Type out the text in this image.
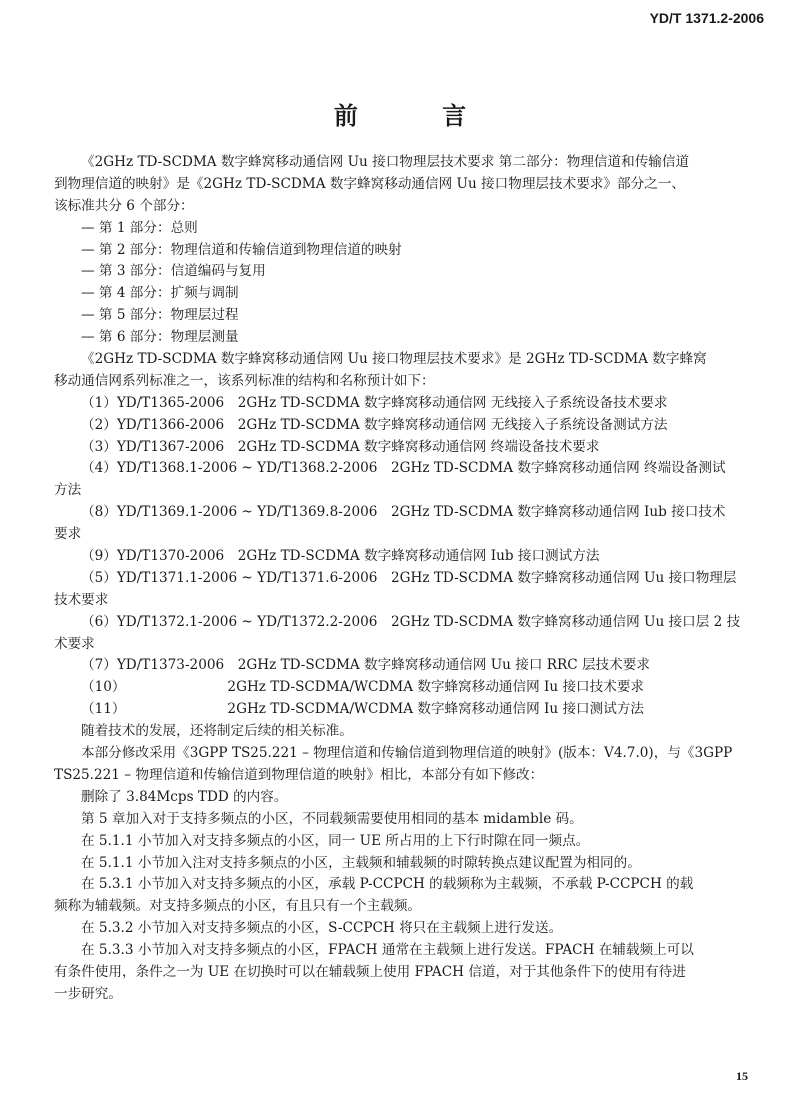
YD/T 1371.2-2006
前 言
《2GHz TD-SCDMA 数字蜂窝移动通信网 Uu 接口物理层技术要求 第二部分：物理信道和传输信道
到物理信道的映射》是《2GHz TD-SCDMA 数字蜂窝移动通信网 Uu 接口物理层技术要求》部分之一、
该标准共分 6 个部分：
— 第 1 部分：总则
— 第 2 部分：物理信道和传输信道到物理信道的映射
— 第 3 部分：信道编码与复用
— 第 4 部分：扩频与调制
— 第 5 部分：物理层过程
— 第 6 部分：物理层测量
《2GHz TD-SCDMA 数字蜂窝移动通信网 Uu 接口物理层技术要求》是 2GHz TD-SCDMA 数字蜂窝
移动通信网系列标准之一，该系列标准的结构和名称预计如下：
（1）YD/T1365-2006　2GHz TD-SCDMA 数字蜂窝移动通信网 无线接入子系统设备技术要求
（2）YD/T1366-2006　2GHz TD-SCDMA 数字蜂窝移动通信网 无线接入子系统设备测试方法
（3）YD/T1367-2006　2GHz TD-SCDMA 数字蜂窝移动通信网 终端设备技术要求
（4）YD/T1368.1-2006 ~ YD/T1368.2-2006　2GHz TD-SCDMA 数字蜂窝移动通信网 终端设备测试
方法
（8）YD/T1369.1-2006 ~ YD/T1369.8-2006　2GHz TD-SCDMA 数字蜂窝移动通信网 Iub 接口技术
要求
（9）YD/T1370-2006　2GHz TD-SCDMA 数字蜂窝移动通信网 Iub 接口测试方法
（5）YD/T1371.1-2006 ~ YD/T1371.6-2006　2GHz TD-SCDMA 数字蜂窝移动通信网 Uu 接口物理层
技术要求
（6）YD/T1372.1-2006 ~ YD/T1372.2-2006　2GHz TD-SCDMA 数字蜂窝移动通信网 Uu 接口层 2 技
术要求
（7）YD/T1373-2006　2GHz TD-SCDMA 数字蜂窝移动通信网 Uu 接口 RRC 层技术要求
（10）　　　　　　　　2GHz TD-SCDMA/WCDMA 数字蜂窝移动通信网 Iu 接口技术要求
（11）　　　　　　　　2GHz TD-SCDMA/WCDMA 数字蜂窝移动通信网 Iu 接口测试方法
随着技术的发展，还将制定后续的相关标准。
本部分修改采用《3GPP TS25.221 – 物理信道和传输信道到物理信道的映射》(版本：V4.7.0)，与《3GPP
TS25.221 – 物理信道和传输信道到物理信道的映射》相比，本部分有如下修改：
删除了 3.84Mcps TDD 的内容。
第 5 章加入对于支持多频点的小区，不同载频需要使用相同的基本 midamble 码。
在 5.1.1 小节加入对支持多频点的小区，同一 UE 所占用的上下行时隙在同一频点。
在 5.1.1 小节加入注对支持多频点的小区，主载频和辅载频的时隙转换点建议配置为相同的。
在 5.3.1 小节加入对支持多频点的小区，承载 P-CCPCH 的载频称为主载频，不承载 P-CCPCH 的载
频称为辅载频。对支持多频点的小区，有且只有一个主载频。
在 5.3.2 小节加入对支持多频点的小区，S-CCPCH 将只在主载频上进行发送。
在 5.3.3 小节加入对支持多频点的小区，FPACH 通常在主载频上进行发送。FPACH 在辅载频上可以
有条件使用，条件之一为 UE 在切换时可以在辅载频上使用 FPACH 信道，对于其他条件下的使用有待进
一步研究。
15
